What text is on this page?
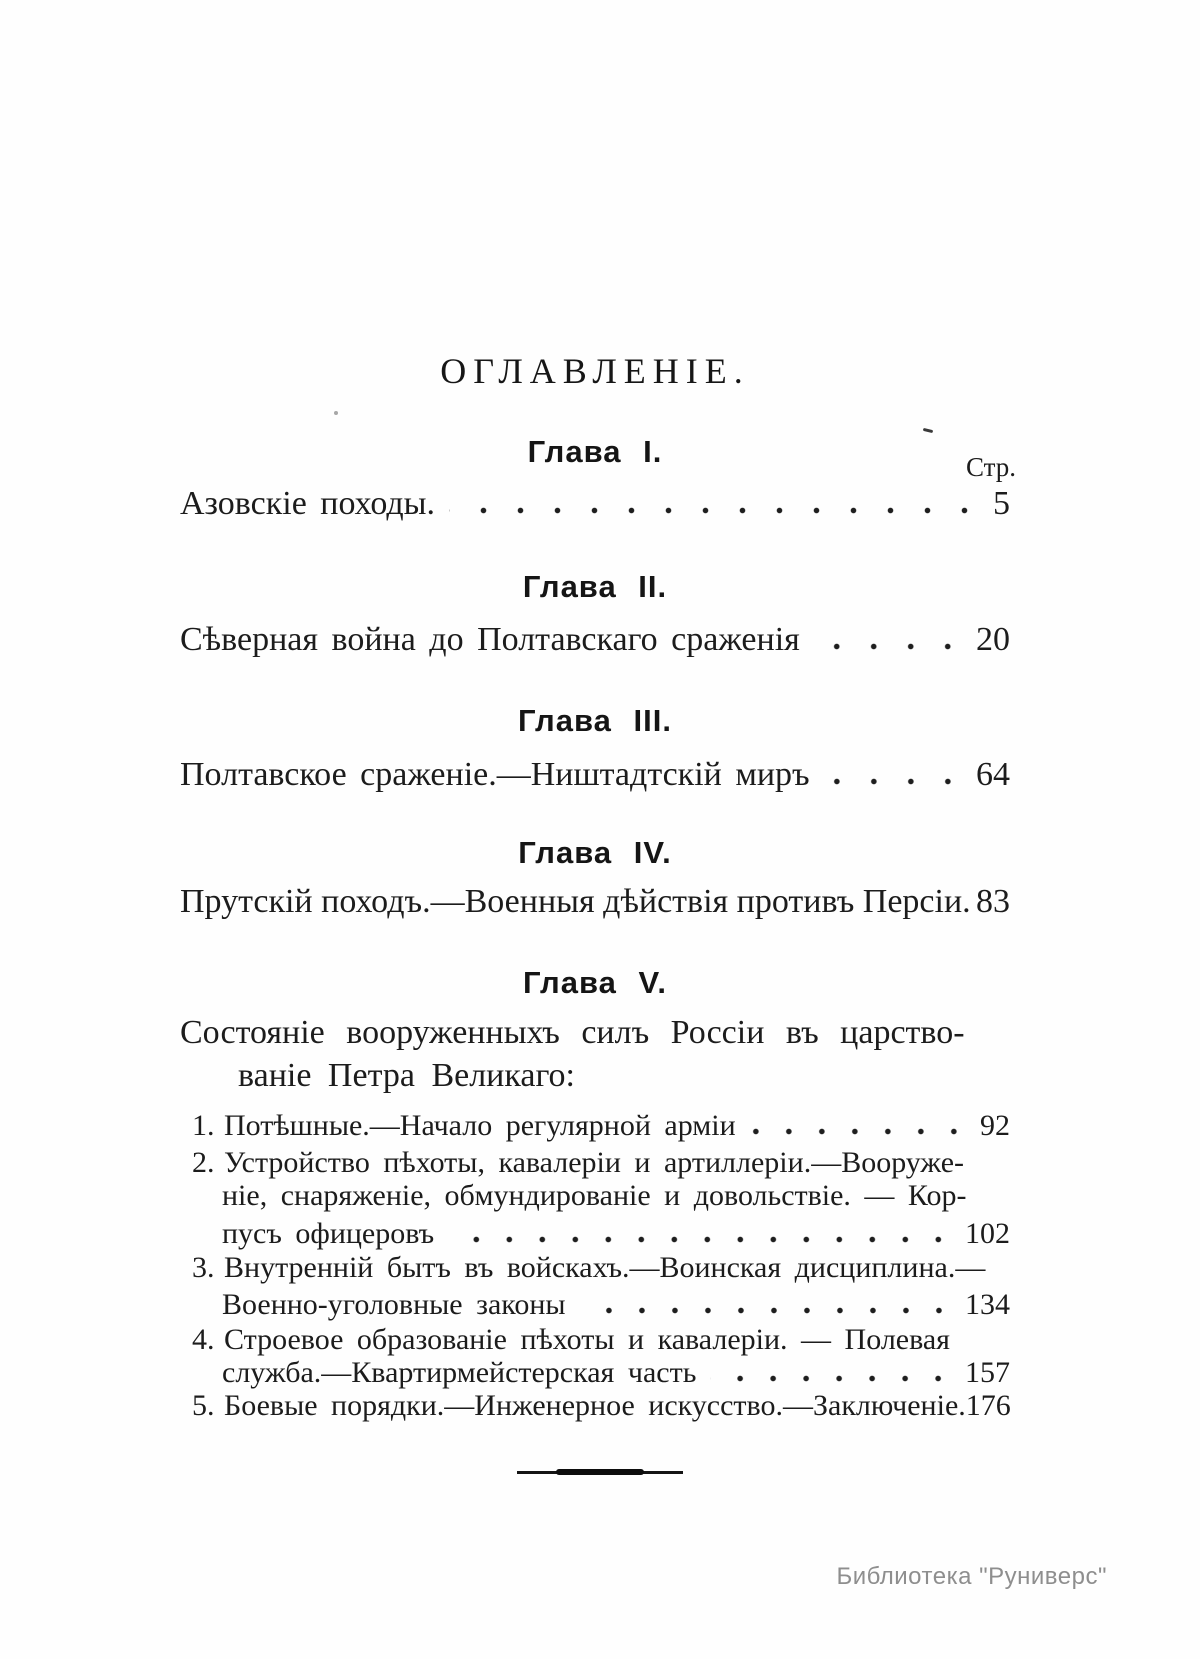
ОГЛАВЛЕНІЕ.
Глава I.	Стр.
Азовскіе походы.	5
Глава II.
Сѣверная война до Полтавскаго сраженія	20
Глава III.
Полтавское сраженіе.—Ништадтскій миръ	64
Глава IV.
Прутскій походъ.—Военныя дѣйствія противъ Персіи. 83
Глава V.
Состояніе вооруженныхъ силъ Россіи въ царство-
ваніе Петра Великаго:
1. Потѣшные.—Начало регулярной арміи	92
2. Устройство пѣхоты, кавалеріи и артиллеріи.—Вооруже-
ніе, снаряженіе, обмундированіе и довольствіе. — Кор-
пусъ офицеровъ	102
3. Внутренній бытъ въ войскахъ.—Воинская дисциплина.—
Военно-уголовные законы	134
4. Строевое образованіе пѣхоты и кавалеріи. — Полевая
служба.—Квартирмейстерская часть	157
5. Боевые порядки.—Инженерное искусство.—Заключеніе. 176
Библиотека "Руниверс"
